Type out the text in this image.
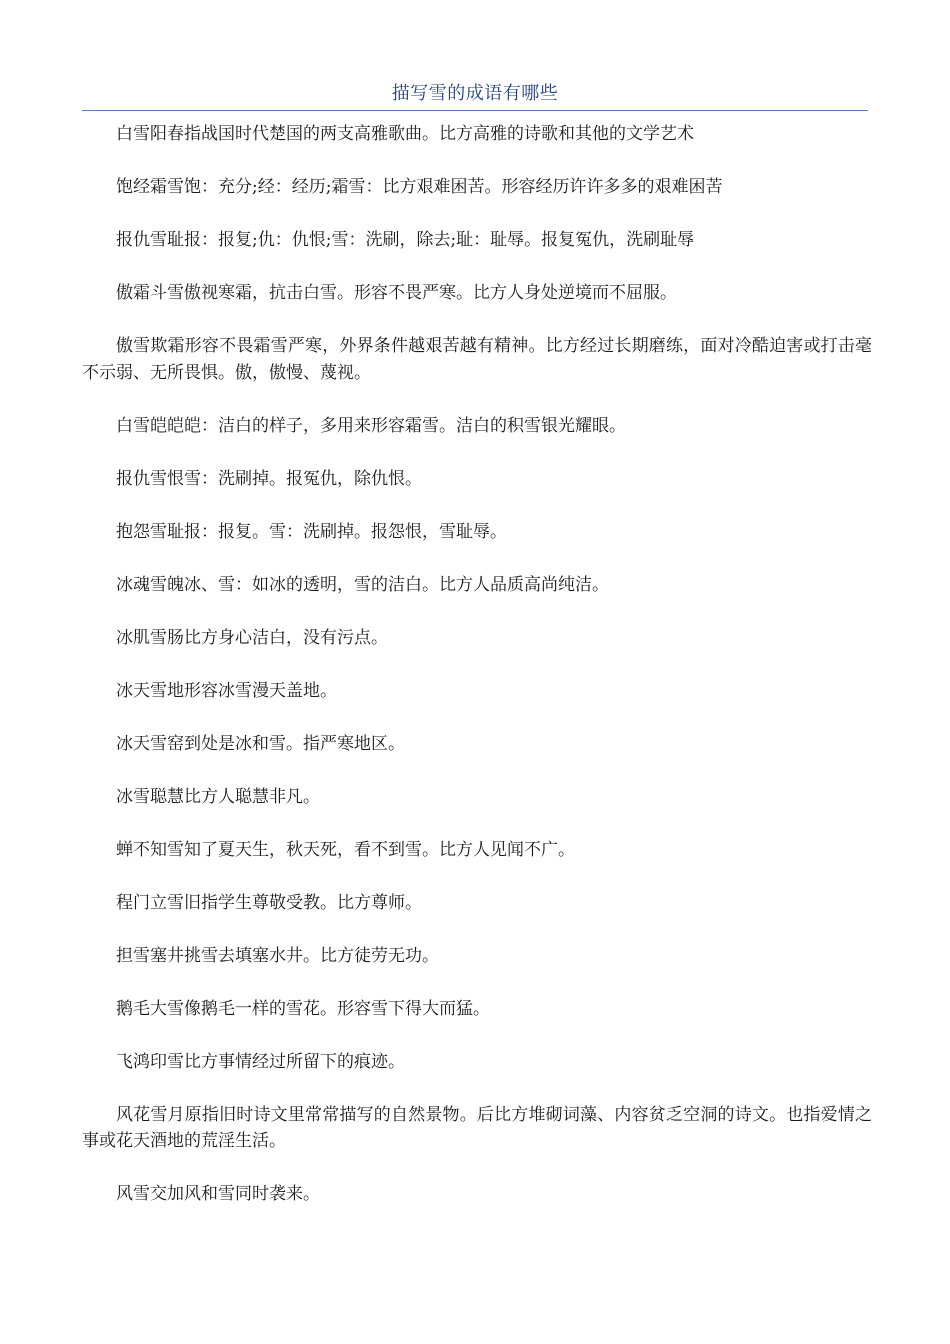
描写雪的成语有哪些

白雪阳春指战国时代楚国的两支高雅歌曲。比方高雅的诗歌和其他的文学艺术

饱经霜雪饱：充分;经：经历;霜雪：比方艰难困苦。形容经历许许多多的艰难困苦

报仇雪耻报：报复;仇：仇恨;雪：洗刷，除去;耻：耻辱。报复冤仇，洗刷耻辱

傲霜斗雪傲视寒霜，抗击白雪。形容不畏严寒。比方人身处逆境而不屈服。

傲雪欺霜形容不畏霜雪严寒，外界条件越艰苦越有精神。比方经过长期磨练，面对冷酷迫害或打击毫不示弱、无所畏惧。傲，傲慢、蔑视。

白雪皑皑皑：洁白的样子，多用来形容霜雪。洁白的积雪银光耀眼。

报仇雪恨雪：洗刷掉。报冤仇，除仇恨。

抱怨雪耻报：报复。雪：洗刷掉。报怨恨，雪耻辱。

冰魂雪魄冰、雪：如冰的透明，雪的洁白。比方人品质高尚纯洁。

冰肌雪肠比方身心洁白，没有污点。

冰天雪地形容冰雪漫天盖地。

冰天雪窑到处是冰和雪。指严寒地区。

冰雪聪慧比方人聪慧非凡。

蝉不知雪知了夏天生，秋天死，看不到雪。比方人见闻不广。

程门立雪旧指学生尊敬受教。比方尊师。

担雪塞井挑雪去填塞水井。比方徒劳无功。

鹅毛大雪像鹅毛一样的雪花。形容雪下得大而猛。

飞鸿印雪比方事情经过所留下的痕迹。

风花雪月原指旧时诗文里常常描写的自然景物。后比方堆砌词藻、内容贫乏空洞的诗文。也指爱情之事或花天酒地的荒淫生活。

风雪交加风和雪同时袭来。
